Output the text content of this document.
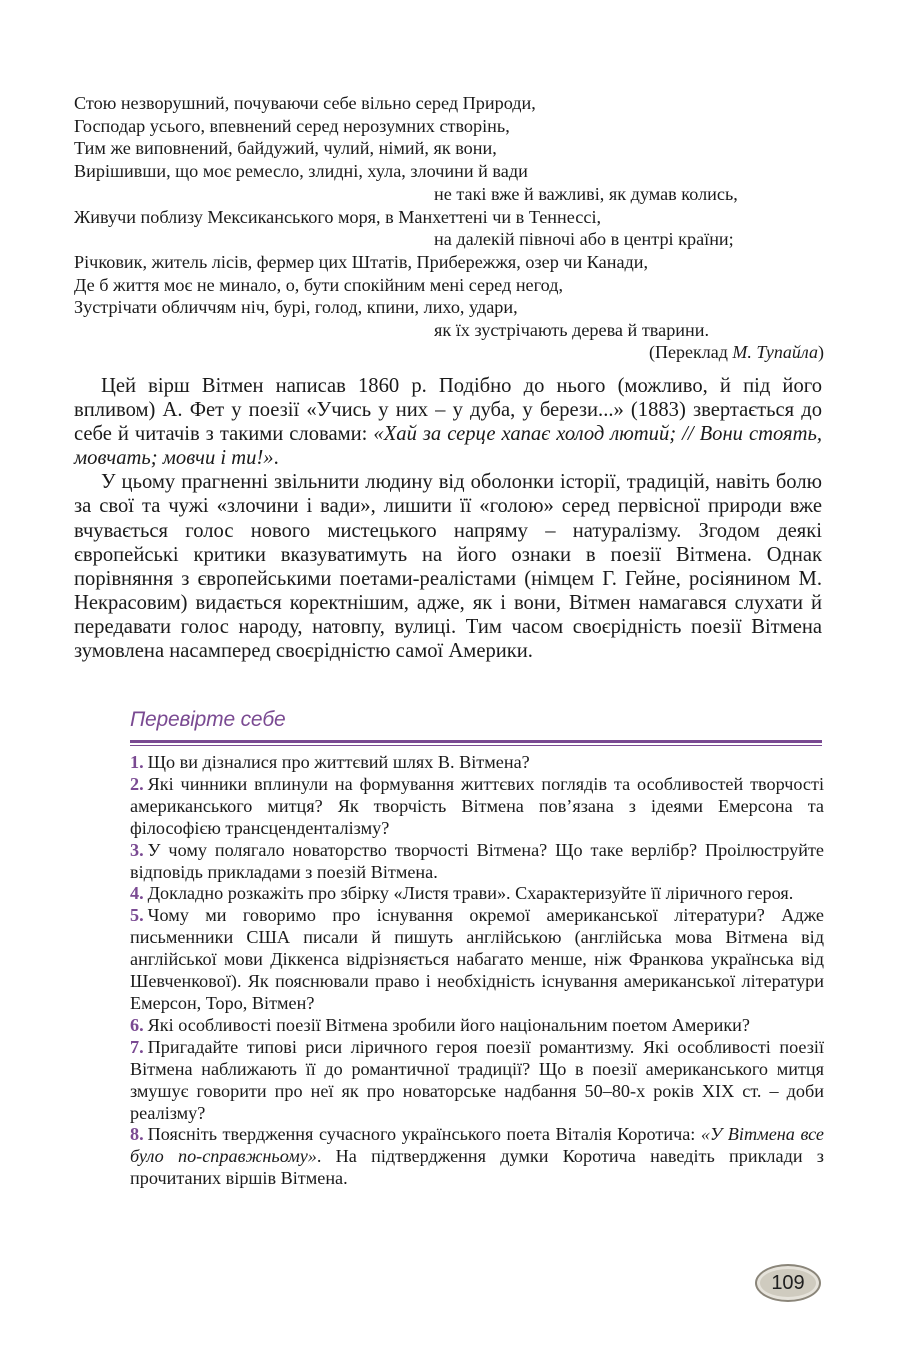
Стою незворушний, почуваючи себе вільно серед Природи,
Господар усього, впевнений серед нерозумних створінь,
Тим же виповнений, байдужий, чулий, німий, як вони,
Вирішивши, що моє ремесло, злидні, хула, злочини й вади
не такі вже й важливі, як думав колись,
Живучи поблизу Мексиканського моря, в Манхеттені чи в Теннессі,
на далекій півночі або в центрі країни;
Річковик, житель лісів, фермер цих Штатів, Прибережжя, озер чи Канади,
Де б життя моє не минало, о, бути спокійним мені серед негод,
Зустрічати обличчям ніч, бурі, голод, кпини, лихо, удари,
як їх зустрічають дерева й тварини.
(Переклад М. Тупайла)

Цей вірш Вітмен написав 1860 р. Подібно до нього (можливо, й під його впливом) А. Фет у поезії «Учись у них – у дуба, у берези...» (1883) звертається до себе й читачів з такими словами: «Хай за серце хапає холод лютий; // Вони стоять, мовчать; мовчи і ти!».

У цьому прагненні звільнити людину від оболонки історії, традицій, навіть болю за свої та чужі «злочини і вади», лишити її «голою» серед первісної природи вже вчувається голос нового мистецького напряму – натуралізму. Згодом деякі європейські критики вказуватимуть на його ознаки в поезії Вітмена. Однак порівняння з європейськими поетами-реалістами (німцем Г. Гейне, росіянином М. Некрасовим) видається коректнішим, адже, як і вони, Вітмен намагався слухати й передавати голос народу, натовпу, вулиці. Тим часом своєрідність поезії Вітмена зумовлена насамперед своєрідністю самої Америки.

Перевірте себе

1. Що ви дізналися про життєвий шлях В. Вітмена?

2. Які чинники вплинули на формування життєвих поглядів та особливостей творчості американського митця? Як творчість Вітмена пов’язана з ідеями Емерсона та філософією трансценденталізму?

3. У чому полягало новаторство творчості Вітмена? Що таке верлібр? Проілюструйте відповідь прикладами з поезій Вітмена.

4. Докладно розкажіть про збірку «Листя трави». Схарактеризуйте її ліричного героя.

5. Чому ми говоримо про існування окремої американської літератури? Адже письменники США писали й пишуть англійською (англійська мова Вітмена від англійської мови Діккенса відрізняється набагато менше, ніж Франкова українська від Шевченкової). Як пояснювали право і необхідність існування американської літератури Емерсон, Торо, Вітмен?

6. Які особливості поезії Вітмена зробили його національним поетом Америки?

7. Пригадайте типові риси ліричного героя поезії романтизму. Які особливості поезії Вітмена наближають її до романтичної традиції? Що в поезії американського митця змушує говорити про неї як про новаторське надбання 50–80-х років XIX ст. – доби реалізму?

8. Поясніть твердження сучасного українського поета Віталія Коротича: «У Вітмена все було по-справжньому». На підтвердження думки Коротича наведіть приклади з прочитаних віршів Вітмена.

109
